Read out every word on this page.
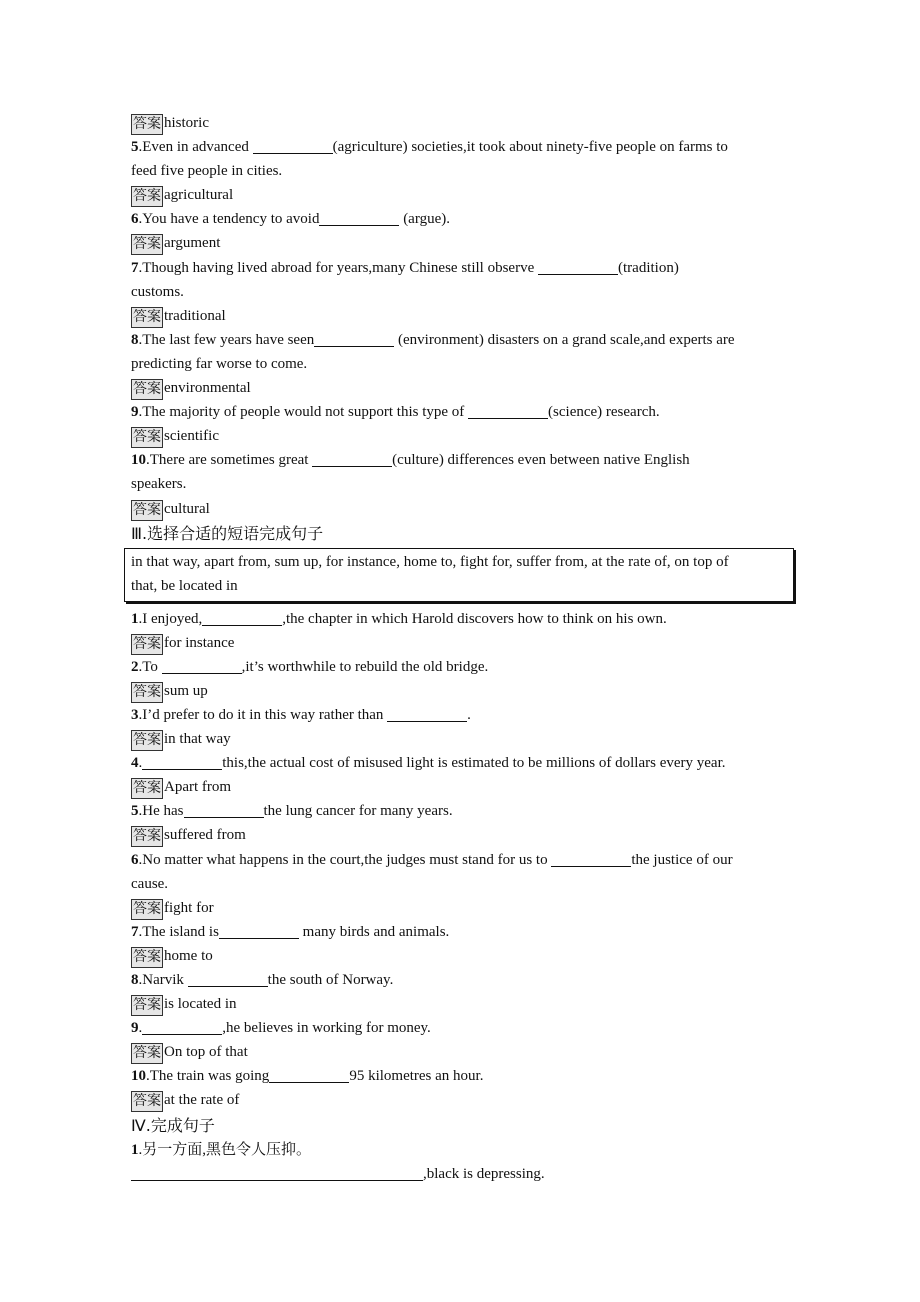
答案 historic
5.Even in advanced	(agriculture) societies,it took about ninety-five people on farms to
feed five people in cities.
答案 agricultural
6.You have a tendency to avoid	(argue).
答案 argument
7.Though having lived abroad for years,many Chinese still observe	(tradition)
customs.
答案 traditional
8.The last few years have seen	(environment) disasters on a grand scale,and experts are
predicting far worse to come.
答案 environmental
9.The majority of people would not support this type of	(science) research.
答案 scientific
10.There are sometimes great	(culture) differences even between native English
speakers.
答案 cultural
Ⅲ.选择合适的短语完成句子
in that way, apart from, sum up, for instance, home to, fight for, suffer from, at the rate of, on top of
that, be located in
1.I enjoyed,	,the chapter in which Harold discovers how to think on his own.
答案 for instance
2.To	,it’s worthwhile to rebuild the old bridge.
答案 sum up
3.I’d prefer to do it in this way rather than	.
答案 in that way
4.	this,the actual cost of misused light is estimated to be millions of dollars every year.
答案 Apart from
5.He has	the lung cancer for many years.
答案 suffered from
6.No matter what happens in the court,the judges must stand for us to	the justice of our
cause.
答案 fight for
7.The island is	many birds and animals.
答案 home to
8.Narvik	the south of Norway.
答案 is located in
9.	,he believes in working for money.
答案 On top of that
10.The train was going	95 kilometres an hour.
答案 at the rate of
Ⅳ.完成句子
1.另一方面,黑色令人压抑。
,black is depressing.
